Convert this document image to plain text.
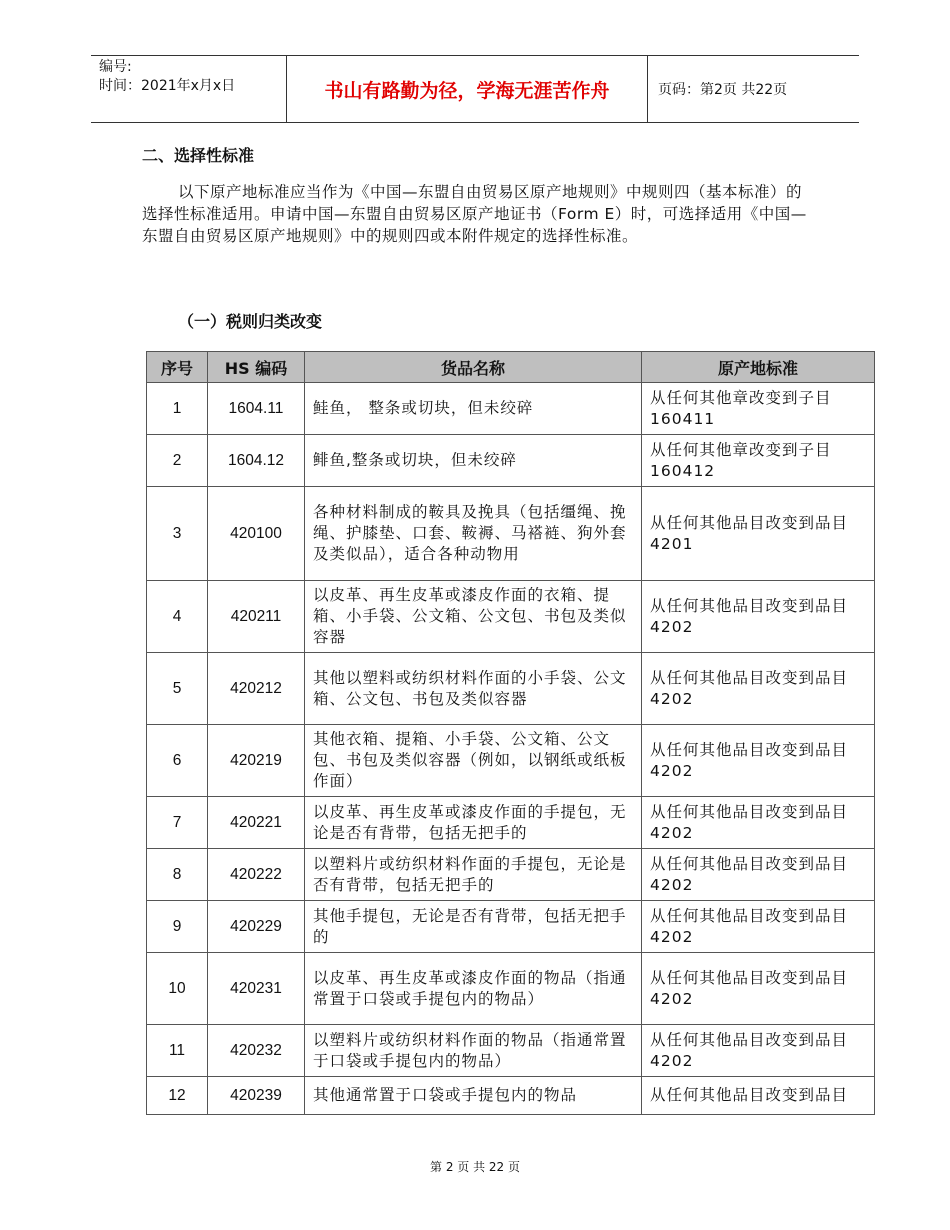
编号:
时间：2021年x月x日	书山有路勤为径，学海无涯苦作舟	页码：第2页 共22页
二、选择性标准
以下原产地标准应当作为《中国—东盟自由贸易区原产地规则》中规则四（基本标准）的选择性标准适用。申请中国—东盟自由贸易区原产地证书（Form E）时，可选择适用《中国—东盟自由贸易区原产地规则》中的规则四或本附件规定的选择性标准。
（一）税则归类改变
序号	HS 编码	货品名称	原产地标准
1	1604.11	鲑鱼， 整条或切块，但未绞碎	从任何其他章改变到子目160411
2	1604.12	鲱鱼,整条或切块，但未绞碎	从任何其他章改变到子目160412
3	420100	各种材料制成的鞍具及挽具（包括缰绳、挽绳、护膝垫、口套、鞍褥、马褡裢、狗外套及类似品），适合各种动物用	从任何其他品目改变到品目4201
4	420211	以皮革、再生皮革或漆皮作面的衣箱、提箱、小手袋、公文箱、公文包、书包及类似容器	从任何其他品目改变到品目4202
5	420212	其他以塑料或纺织材料作面的小手袋、公文箱、公文包、书包及类似容器	从任何其他品目改变到品目4202
6	420219	其他衣箱、提箱、小手袋、公文箱、公文包、书包及类似容器（例如，以钢纸或纸板作面）	从任何其他品目改变到品目4202
7	420221	以皮革、再生皮革或漆皮作面的手提包，无论是否有背带，包括无把手的	从任何其他品目改变到品目4202
8	420222	以塑料片或纺织材料作面的手提包，无论是否有背带，包括无把手的	从任何其他品目改变到品目4202
9	420229	其他手提包，无论是否有背带，包括无把手的	从任何其他品目改变到品目4202
10	420231	以皮革、再生皮革或漆皮作面的物品（指通常置于口袋或手提包内的物品）	从任何其他品目改变到品目4202
11	420232	以塑料片或纺织材料作面的物品（指通常置于口袋或手提包内的物品）	从任何其他品目改变到品目4202
12	420239	其他通常置于口袋或手提包内的物品	从任何其他品目改变到品目
第 2 页 共 22 页
